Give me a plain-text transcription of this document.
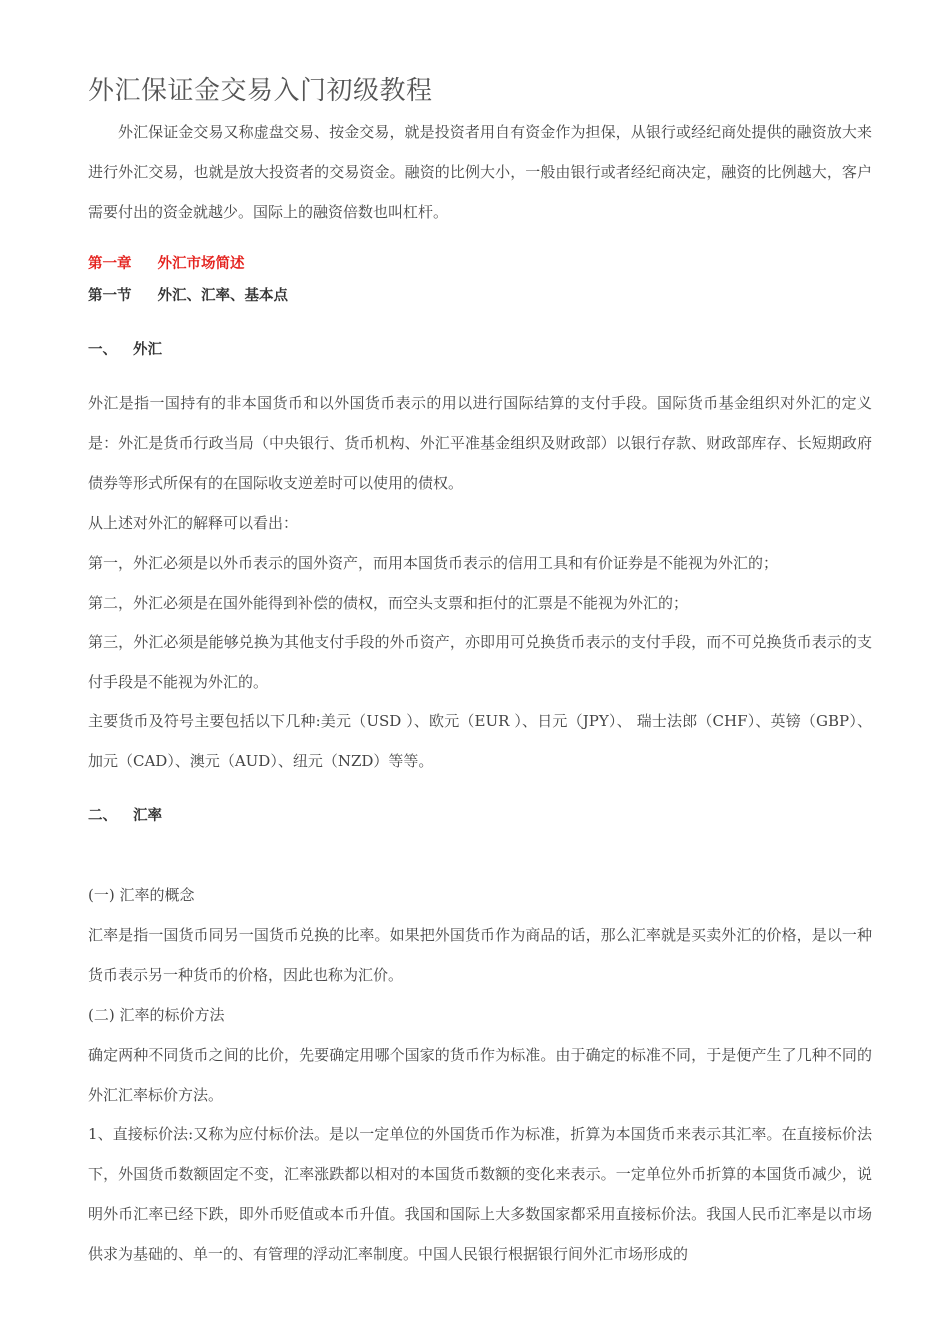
外汇保证金交易入门初级教程

外汇保证金交易又称虚盘交易、按金交易，就是投资者用自有资金作为担保，从银行或经纪商处提供的融资放大来进行外汇交易，也就是放大投资者的交易资金。融资的比例大小，一般由银行或者经纪商决定，融资的比例越大，客户需要付出的资金就越少。国际上的融资倍数也叫杠杆。

第一章 外汇市场简述
第一节 外汇、汇率、基本点
一、 外汇

外汇是指一国持有的非本国货币和以外国货币表示的用以进行国际结算的支付手段。国际货币基金组织对外汇的定义是：外汇是货币行政当局（中央银行、货币机构、外汇平准基金组织及财政部）以银行存款、财政部库存、长短期政府债券等形式所保有的在国际收支逆差时可以使用的债权。

从上述对外汇的解释可以看出：

第一，外汇必须是以外币表示的国外资产，而用本国货币表示的信用工具和有价证券是不能视为外汇的；

第二，外汇必须是在国外能得到补偿的债权，而空头支票和拒付的汇票是不能视为外汇的；

第三，外汇必须是能够兑换为其他支付手段的外币资产，亦即用可兑换货币表示的支付手段，而不可兑换货币表示的支付手段是不能视为外汇的。

主要货币及符号主要包括以下几种:美元（USD ）、欧元（EUR ）、日元（JPY）、 瑞士法郎（CHF）、英镑（GBP）、加元（CAD）、澳元（AUD）、纽元（NZD）等等。

二、 汇率

(一) 汇率的概念

汇率是指一国货币同另一国货币兑换的比率。如果把外国货币作为商品的话，那么汇率就是买卖外汇的价格，是以一种货币表示另一种货币的价格，因此也称为汇价。

(二) 汇率的标价方法

确定两种不同货币之间的比价，先要确定用哪个国家的货币作为标准。由于确定的标准不同，于是便产生了几种不同的外汇汇率标价方法。

1、直接标价法:又称为应付标价法。是以一定单位的外国货币作为标准，折算为本国货币来表示其汇率。在直接标价法下，外国货币数额固定不变，汇率涨跌都以相对的本国货币数额的变化来表示。一定单位外币折算的本国货币减少，说明外币汇率已经下跌，即外币贬值或本币升值。我国和国际上大多数国家都采用直接标价法。我国人民币汇率是以市场供求为基础的、单一的、有管理的浮动汇率制度。中国人民银行根据银行间外汇市场形成的
